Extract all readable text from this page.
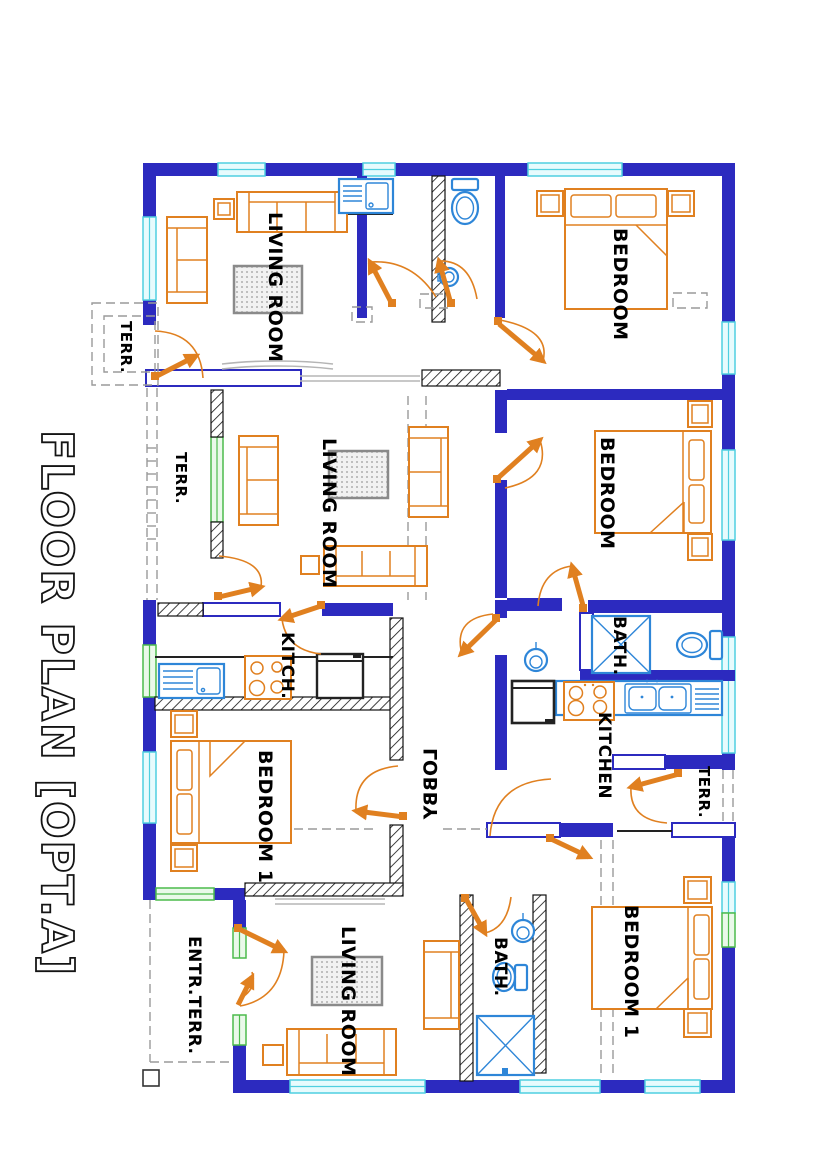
FLOOR PLAN [OPT.A]
LIVING ROOM	BEDROOM
TERR.
TERR.	LIVING ROOM	BEDROOM
KITCH.	BATH.
KITCHEN
LOBBY	TERR.
BEDROOM 1
ENTR.TERR.	LIVING ROOM	BATH.	BEDROOM 1
